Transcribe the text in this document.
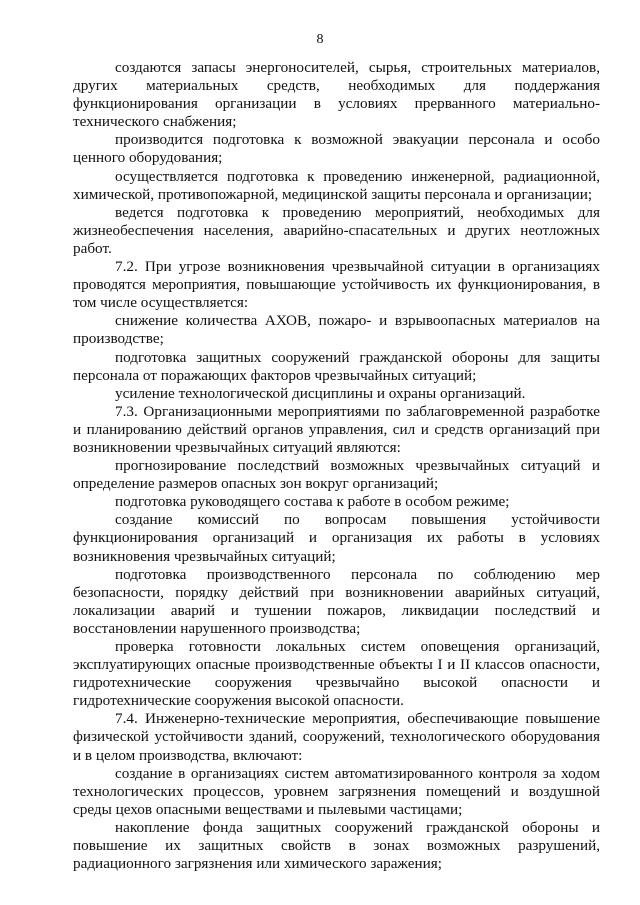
8

создаются запасы энергоносителей, сырья, строительных материалов, других материальных средств, необходимых для поддержания функционирования организации в условиях прерванного материально-технического снабжения;

производится подготовка к возможной эвакуации персонала и особо ценного оборудования;

осуществляется подготовка к проведению инженерной, радиационной, химической, противопожарной, медицинской защиты персонала и организации;

ведется подготовка к проведению мероприятий, необходимых для жизнеобеспечения населения, аварийно-спасательных и других неотложных работ.

7.2. При угрозе возникновения чрезвычайной ситуации в организациях проводятся мероприятия, повышающие устойчивость их функционирования, в том числе осуществляется:

снижение количества АХОВ, пожаро- и взрывоопасных материалов на производстве;

подготовка защитных сооружений гражданской обороны для защиты персонала от поражающих факторов чрезвычайных ситуаций;

усиление технологической дисциплины и охраны организаций.

7.3. Организационными мероприятиями по заблаговременной разработке и планированию действий органов управления, сил и средств организаций при возникновении чрезвычайных ситуаций являются:

прогнозирование последствий возможных чрезвычайных ситуаций и определение размеров опасных зон вокруг организаций;

подготовка руководящего состава к работе в особом режиме;

создание комиссий по вопросам повышения устойчивости функционирования организаций и организация их работы в условиях возникновения чрезвычайных ситуаций;

подготовка производственного персонала по соблюдению мер безопасности, порядку действий при возникновении аварийных ситуаций, локализации аварий и тушении пожаров, ликвидации последствий и восстановлении нарушенного производства;

проверка готовности локальных систем оповещения организаций, эксплуатирующих опасные производственные объекты I и II классов опасности, гидротехнические сооружения чрезвычайно высокой опасности и гидротехнические сооружения высокой опасности.

7.4. Инженерно-технические мероприятия, обеспечивающие повышение физической устойчивости зданий, сооружений, технологического оборудования и в целом производства, включают:

создание в организациях систем автоматизированного контроля за ходом технологических процессов, уровнем загрязнения помещений и воздушной среды цехов опасными веществами и пылевыми частицами;

накопление фонда защитных сооружений гражданской обороны и повышение их защитных свойств в зонах возможных разрушений, радиационного загрязнения или химического заражения;
